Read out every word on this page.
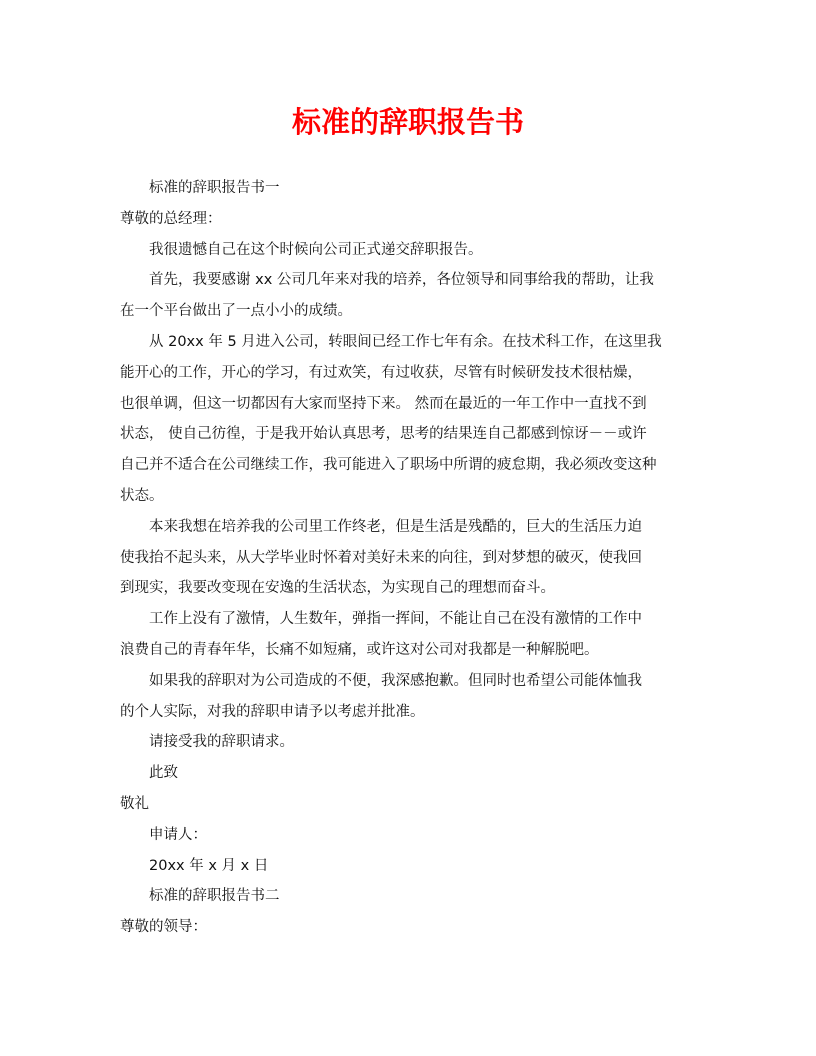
标准的辞职报告书

标准的辞职报告书一

尊敬的总经理：

我很遗憾自己在这个时候向公司正式递交辞职报告。

首先，我要感谢 xx 公司几年来对我的培养，各位领导和同事给我的帮助，让我
在一个平台做出了一点小小的成绩。
从 20xx 年 5 月进入公司，转眼间已经工作七年有余。在技术科工作，在这里我
能开心的工作，开心的学习，有过欢笑，有过收获，尽管有时候研发技术很枯燥，
也很单调，但这一切都因有大家而坚持下来。 然而在最近的一年工作中一直找不到
状态， 使自己彷徨，于是我开始认真思考，思考的结果连自己都感到惊讶－－或许
自己并不适合在公司继续工作，我可能进入了职场中所谓的疲怠期，我必须改变这种
状态。
本来我想在培养我的公司里工作终老，但是生活是残酷的，巨大的生活压力迫
使我抬不起头来，从大学毕业时怀着对美好未来的向往，到对梦想的破灭，使我回
到现实，我要改变现在安逸的生活状态，为实现自己的理想而奋斗。
工作上没有了激情，人生数年，弹指一挥间，不能让自己在没有激情的工作中
浪费自己的青春年华，长痛不如短痛，或许这对公司对我都是一种解脱吧。
如果我的辞职对为公司造成的不便，我深感抱歉。但同时也希望公司能体恤我
的个人实际，对我的辞职申请予以考虑并批准。

请接受我的辞职请求。

此致

敬礼

申请人：

20xx 年 x 月 x 日

标准的辞职报告书二

尊敬的领导：
